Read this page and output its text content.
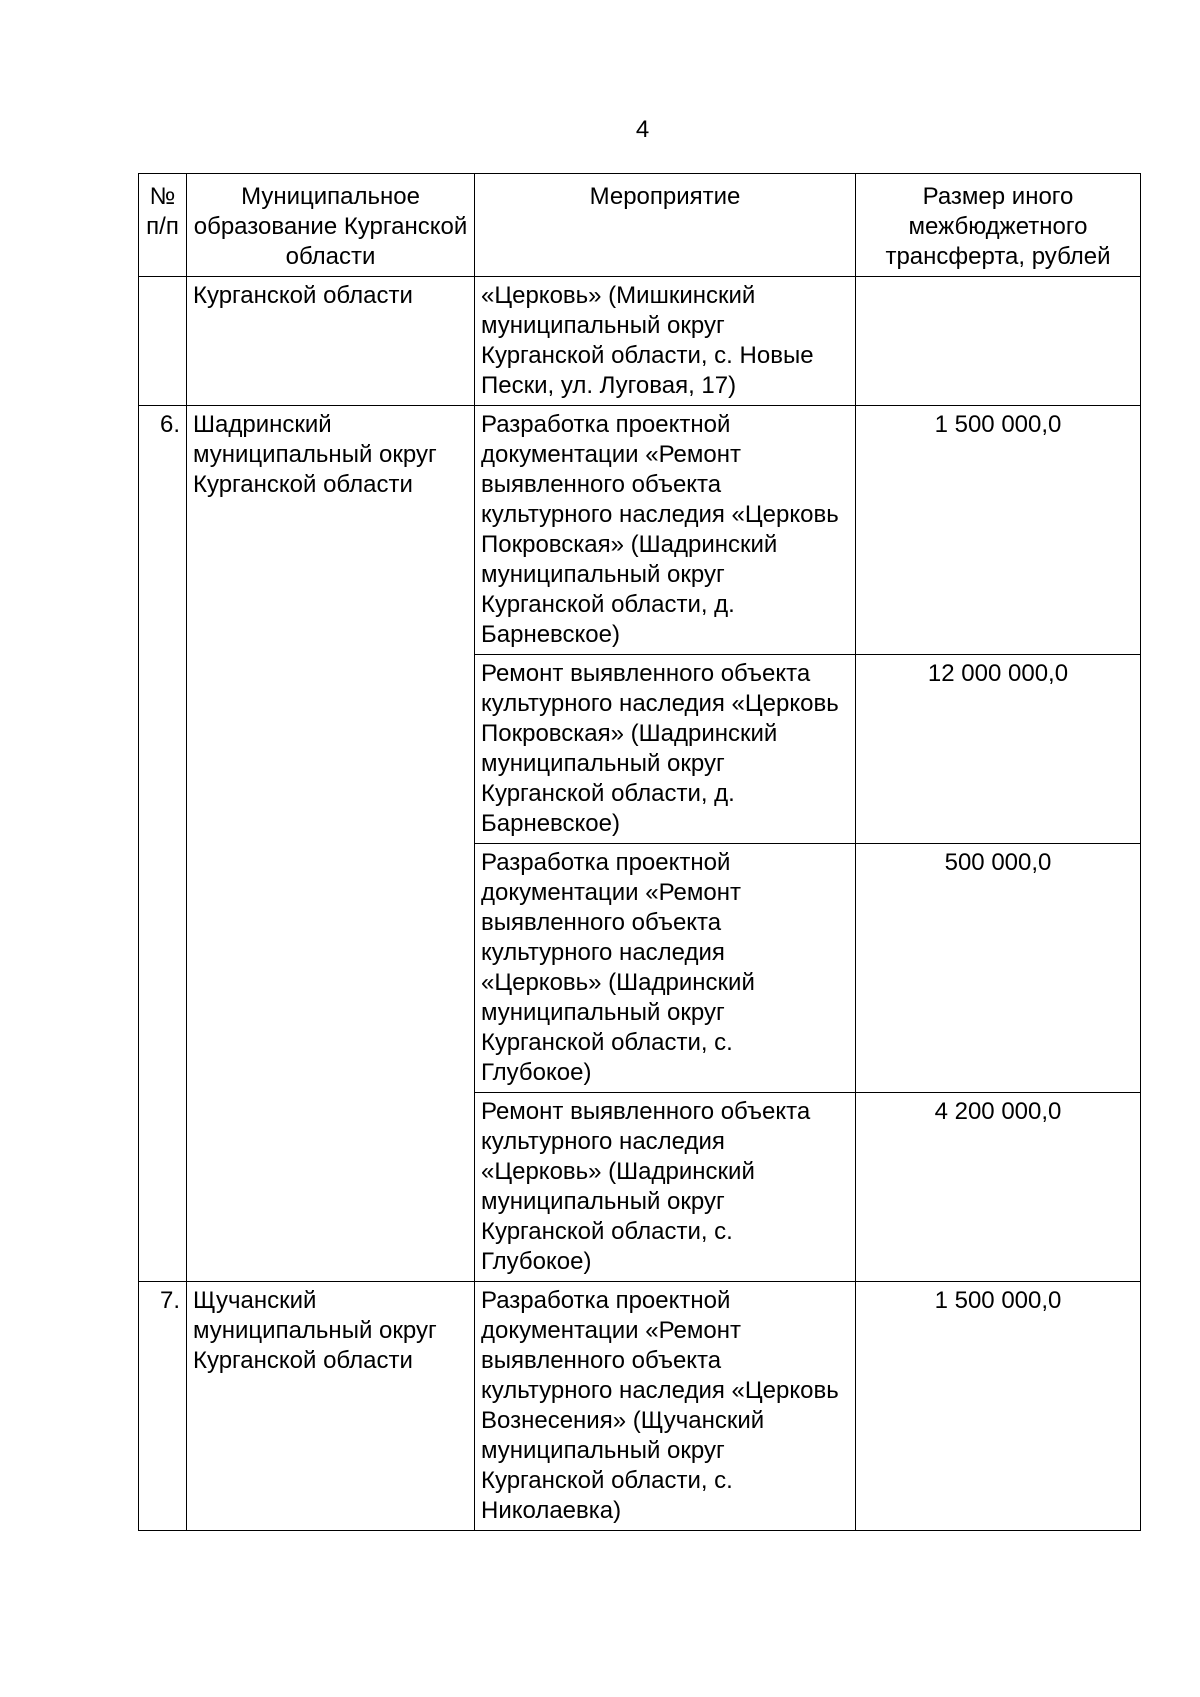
4
№ п/п	Муниципальное образование Курганской области	Мероприятие	Размер иного межбюджетного трансферта, рублей
	Курганской области	«Церковь» (Мишкинский муниципальный округ Курганской области, с. Новые Пески, ул. Луговая, 17)	
6.	Шадринский муниципальный округ Курганской области	Разработка проектной документации «Ремонт выявленного объекта культурного наследия «Церковь Покровская» (Шадринский муниципальный округ Курганской области, д. Барневское)	1 500 000,0
		Ремонт выявленного объекта культурного наследия «Церковь Покровская» (Шадринский муниципальный округ Курганской области, д. Барневское)	12 000 000,0
		Разработка проектной документации «Ремонт выявленного объекта культурного наследия «Церковь» (Шадринский муниципальный округ Курганской области, с. Глубокое)	500 000,0
		Ремонт выявленного объекта культурного наследия «Церковь» (Шадринский муниципальный округ Курганской области, с. Глубокое)	4 200 000,0
7.	Щучанский муниципальный округ Курганской области	Разработка проектной документации «Ремонт выявленного объекта культурного наследия «Церковь Вознесения» (Щучанский муниципальный округ Курганской области, с. Николаевка)	1 500 000,0
